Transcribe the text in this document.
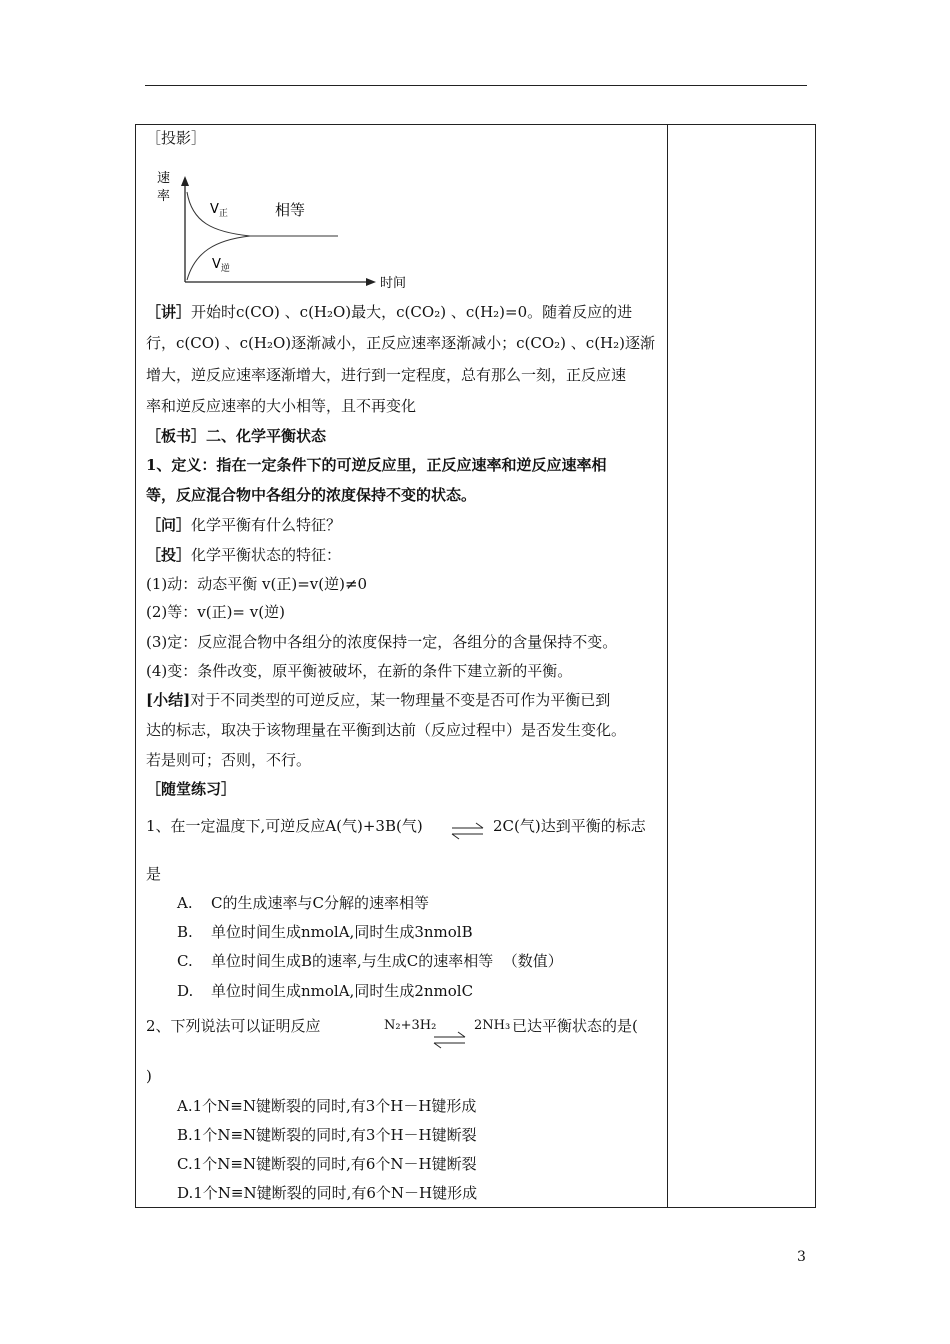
［投影］
速
率
$V_正$	相等
$V_逆$
时间
［讲］开始时c(CO) 、c(H₂O)最大，c(CO₂) 、c(H₂)=0。随着反应的进
行，c(CO) 、c(H₂O)逐渐减小，正反应速率逐渐减小；c(CO₂) 、c(H₂)逐渐
增大，逆反应速率逐渐增大，进行到一定程度，总有那么一刻，正反应速
率和逆反应速率的大小相等，且不再变化
［板书］二、化学平衡状态
1、定义：指在一定条件下的可逆反应里，正反应速率和逆反应速率相
等，反应混合物中各组分的浓度保持不变的状态。
［问］化学平衡有什么特征？
［投］化学平衡状态的特征：
(1)动：动态平衡 v(正)=v(逆)≠0
(2)等：v(正)= v(逆)
(3)定：反应混合物中各组分的浓度保持一定，各组分的含量保持不变。
(4)变：条件改变，原平衡被破坏，在新的条件下建立新的平衡。
[小结]对于不同类型的可逆反应，某一物理量不变是否可作为平衡已到
达的标志，取决于该物理量在平衡到达前（反应过程中）是否发生变化。
若是则可；否则，不行。
［随堂练习］
1、在一定温度下,可逆反应A(气)+3B(气) ⇌ 2C(气)达到平衡的标志
是
A. C的生成速率与C分解的速率相等
B. 单位时间生成nmolA,同时生成3nmolB
C. 单位时间生成B的速率,与生成C的速率相等  （数值）
D. 单位时间生成nmolA,同时生成2nmolC
2、下列说法可以证明反应	N₂+3H₂	2NH₃ 已达平衡状态的是(
)
A.1个N≡N键断裂的同时,有3个H－H键形成
B.1个N≡N键断裂的同时,有3个H－H键断裂
C.1个N≡N键断裂的同时,有6个N－H键断裂
D.1个N≡N键断裂的同时,有6个N－H键形成
3
